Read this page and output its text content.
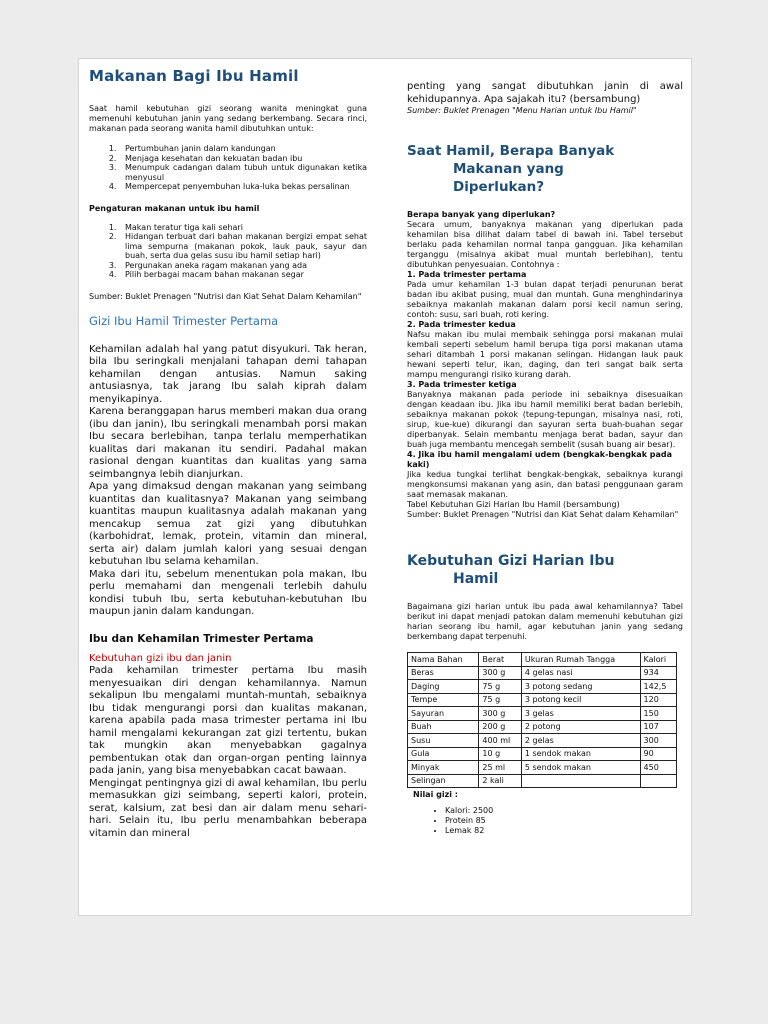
Makanan Bagi Ibu Hamil

Saat hamil kebutuhan gizi seorang wanita meningkat guna memenuhi kebutuhan janin yang sedang berkembang. Secara rinci, makanan pada seorang wanita hamil dibutuhkan untuk:

1. Pertumbuhan janin dalam kandungan
2. Menjaga kesehatan dan kekuatan badan ibu
3. Menumpuk cadangan dalam tubuh untuk digunakan ketika menyusul
4. Mempercepat penyembuhan luka-luka bekas persalinan

Pengaturan makanan untuk ibu hamil

1. Makan teratur tiga kali sehari
2. Hidangan terbuat dari bahan makanan bergizi empat sehat lima sempurna (makanan pokok, lauk pauk, sayur dan buah, serta dua gelas susu ibu hamil setiap hari)
3. Pergunakan aneka ragam makanan yang ada
4. Pilih berbagai macam bahan makanan segar

Sumber: Buklet Prenagen "Nutrisi dan Kiat Sehat Dalam Kehamilan"

Gizi Ibu Hamil Trimester Pertama

Kehamilan adalah hal yang patut disyukuri. Tak heran, bila Ibu seringkali menjalani tahapan demi tahapan kehamilan dengan antusias. Namun saking antusiasnya, tak jarang Ibu salah kiprah dalam menyikapinya.

Karena beranggapan harus memberi makan dua orang (ibu dan janin), Ibu seringkali menambah porsi makan Ibu secara berlebihan, tanpa terlalu memperhatikan kualitas dari makanan itu sendiri. Padahal makan rasional dengan kuantitas dan kualitas yang sama seimbangnya lebih dianjurkan.

Apa yang dimaksud dengan makanan yang seimbang kuantitas dan kualitasnya? Makanan yang seimbang kuantitas maupun kualitasnya adalah makanan yang mencakup semua zat gizi yang dibutuhkan (karbohidrat, lemak, protein, vitamin dan mineral, serta air) dalam jumlah kalori yang sesuai dengan kebutuhan Ibu selama kehamilan.

Maka dari itu, sebelum menentukan pola makan, Ibu perlu memahami dan mengenali terlebih dahulu kondisi tubuh Ibu, serta kebutuhan-kebutuhan Ibu maupun janin dalam kandungan.

Ibu dan Kehamilan Trimester Pertama

Kebutuhan gizi ibu dan janin

Pada kehamilan trimester pertama Ibu masih menyesuaikan diri dengan kehamilannya. Namun sekalipun Ibu mengalami muntah-muntah, sebaiknya Ibu tidak mengurangi porsi dan kualitas makanan, karena apabila pada masa trimester pertama ini Ibu hamil mengalami kekurangan zat gizi tertentu, bukan tak mungkin akan menyebabkan gagalnya pembentukan otak dan organ-organ penting lainnya pada janin, yang bisa menyebabkan cacat bawaan.

Mengingat pentingnya gizi di awal kehamilan, Ibu perlu memasukkan gizi seimbang, seperti kalori, protein, serat, kalsium, zat besi dan air dalam menu sehari-hari. Selain itu, Ibu perlu menambahkan beberapa vitamin dan mineral

penting yang sangat dibutuhkan janin di awal kehidupannya. Apa sajakah itu? (bersambung)

Sumber: Buklet Prenagen "Menu Harian untuk Ibu Hamil"

Saat Hamil, Berapa Banyak
Makanan yang
Diperlukan?

Berapa banyak yang diperlukan?

Secara umum, banyaknya makanan yang diperlukan pada kehamilan bisa dilihat dalam tabel di bawah ini. Tabel tersebut berlaku pada kehamilan normal tanpa gangguan. Jika kehamilan terganggu (misalnya akibat mual muntah berlebihan), tentu dibutuhkan penyesuaian. Contohnya :

1. Pada trimester pertama

Pada umur kehamilan 1-3 bulan dapat terjadi penurunan berat badan ibu akibat pusing, mual dan muntah. Guna menghindarinya sebaiknya makanlah makanan dalam porsi kecil namun sering, contoh: susu, sari buah, roti kering.

2. Pada trimester kedua

Nafsu makan ibu mulai membaik sehingga porsi makanan mulai kembali seperti sebelum hamil berupa tiga porsi makanan utama sehari ditambah 1 porsi makanan selingan. Hidangan lauk pauk hewani seperti telur, ikan, daging, dan teri sangat baik serta mampu mengurangi risiko kurang darah.

3. Pada trimester ketiga

Banyaknya makanan pada periode ini sebaiknya disesuaikan dengan keadaan ibu. Jika ibu hamil memiliki berat badan berlebih, sebaiknya makanan pokok (tepung-tepungan, misalnya nasi, roti, sirup, kue-kue) dikurangi dan sayuran serta buah-buahan segar diperbanyak. Selain membantu menjaga berat badan, sayur dan buah juga membantu mencegah sembelit (susah buang air besar).

4. Jika ibu hamil mengalami udem (bengkak-bengkak pada kaki)

Jika kedua tungkai terlihat bengkak-bengkak, sebaiknya kurangi mengkonsumsi makanan yang asin, dan batasi penggunaan garam saat memasak makanan.

Tabel Kebutuhan Gizi Harian Ibu Hamil (bersambung)

Sumber: Buklet Prenagen "Nutrisi dan Kiat Sehat dalam Kehamilan"

Kebutuhan Gizi Harian Ibu
Hamil

Bagaimana gizi harian untuk ibu pada awal kehamilannya? Tabel berikut ini dapat menjadi patokan dalam memenuhi kebutuhan gizi harian seorang ibu hamil, agar kebutuhan janin yang sedang berkembang dapat terpenuhi.

Nama Bahan	Berat	Ukuran Rumah Tangga	Kalori
Beras	300 g	4 gelas nasi	934
Daging	75 g	3 potong sedang	142,5
Tempe	75 g	3 potong kecil	120
Sayuran	300 g	3 gelas	150
Buah	200 g	2 potong	107
Susu	400 ml	2 gelas	300
Gula	10 g	1 sendok makan	90
Minyak	25 ml	5 sendok makan	450
Selingan	2 kali		

Nilai gizi :

• Kalori: 2500
• Protein 85
• Lemak 82
